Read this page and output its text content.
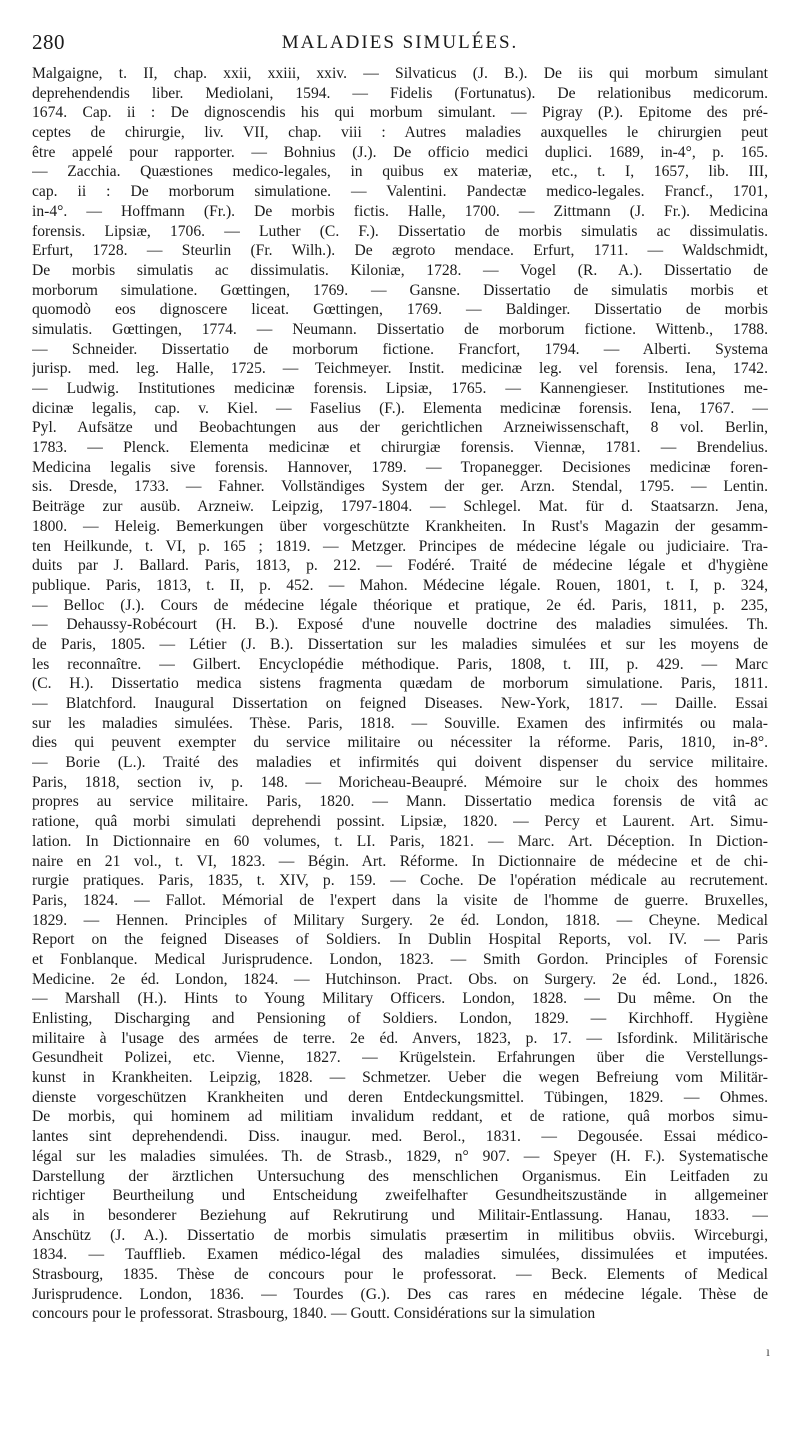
280	MALADIES SIMULÉES.
Malgaigne, t. II, chap. xxii, xxiii, xxiv. — Silvaticus (J. B.). De iis qui morbum simulant
deprehendendis liber. Mediolani, 1594. — Fidelis (Fortunatus). De relationibus medicorum.
1674. Cap. ii : De dignoscendis his qui morbum simulant. — Pigray (P.). Epitome des pré-
ceptes de chirurgie, liv. VII, chap. viii : Autres maladies auxquelles le chirurgien peut
être appelé pour rapporter. — Bohnius (J.). De officio medici duplici. 1689, in-4°, p. 165.
— Zacchia. Quæstiones medico-legales, in quibus ex materiæ, etc., t. I, 1657, lib. III,
cap. ii : De morborum simulatione. — Valentini. Pandectæ medico-legales. Francf., 1701,
in-4°. — Hoffmann (Fr.). De morbis fictis. Halle, 1700. — Zittmann (J. Fr.). Medicina
forensis. Lipsiæ, 1706. — Luther (C. F.). Dissertatio de morbis simulatis ac dissimulatis.
Erfurt, 1728. — Steurlin (Fr. Wilh.). De ægroto mendace. Erfurt, 1711. — Waldschmidt,
De morbis simulatis ac dissimulatis. Kiloniæ, 1728. — Vogel (R. A.). Dissertatio de
morborum simulatione. Gœttingen, 1769. — Gansne. Dissertatio de simulatis morbis et
quomodò eos dignoscere liceat. Gœttingen, 1769. — Baldinger. Dissertatio de morbis
simulatis. Gœttingen, 1774. — Neumann. Dissertatio de morborum fictione. Wittenb., 1788.
— Schneider. Dissertatio de morborum fictione. Francfort, 1794. — Alberti. Systema
jurisp. med. leg. Halle, 1725. — Teichmeyer. Instit. medicinæ leg. vel forensis. Iena, 1742.
— Ludwig. Institutiones medicinæ forensis. Lipsiæ, 1765. — Kannengieser. Institutiones me-
dicinæ legalis, cap. v. Kiel. — Faselius (F.). Elementa medicinæ forensis. Iena, 1767. —
Pyl. Aufsätze und Beobachtungen aus der gerichtlichen Arzneiwissenschaft, 8 vol. Berlin,
1783. — Plenck. Elementa medicinæ et chirurgiæ forensis. Viennæ, 1781. — Brendelius.
Medicina legalis sive forensis. Hannover, 1789. — Tropanegger. Decisiones medicinæ foren-
sis. Dresde, 1733. — Fahner. Vollständiges System der ger. Arzn. Stendal, 1795. — Lentin.
Beiträge zur ausüb. Arzneiw. Leipzig, 1797-1804. — Schlegel. Mat. für d. Staatsarzn. Jena,
1800. — Heleig. Bemerkungen über vorgeschützte Krankheiten. In Rust's Magazin der gesamm-
ten Heilkunde, t. VI, p. 165 ; 1819. — Metzger. Principes de médecine légale ou judiciaire. Tra-
duits par J. Ballard. Paris, 1813, p. 212. — Fodéré. Traité de médecine légale et d'hygiène
publique. Paris, 1813, t. II, p. 452. — Mahon. Médecine légale. Rouen, 1801, t. I, p. 324,
— Belloc (J.). Cours de médecine légale théorique et pratique, 2e éd. Paris, 1811, p. 235,
— Dehaussy-Robécourt (H. B.). Exposé d'une nouvelle doctrine des maladies simulées. Th.
de Paris, 1805. — Létier (J. B.). Dissertation sur les maladies simulées et sur les moyens de
les reconnaître. — Gilbert. Encyclopédie méthodique. Paris, 1808, t. III, p. 429. — Marc
(C. H.). Dissertatio medica sistens fragmenta quædam de morborum simulatione. Paris, 1811.
— Blatchford. Inaugural Dissertation on feigned Diseases. New-York, 1817. — Daille. Essai
sur les maladies simulées. Thèse. Paris, 1818. — Souville. Examen des infirmités ou mala-
dies qui peuvent exempter du service militaire ou nécessiter la réforme. Paris, 1810, in-8°.
— Borie (L.). Traité des maladies et infirmités qui doivent dispenser du service militaire.
Paris, 1818, section iv, p. 148. — Moricheau-Beaupré. Mémoire sur le choix des hommes
propres au service militaire. Paris, 1820. — Mann. Dissertatio medica forensis de vitâ ac
ratione, quâ morbi simulati deprehendi possint. Lipsiæ, 1820. — Percy et Laurent. Art. Simu-
lation. In Dictionnaire en 60 volumes, t. LI. Paris, 1821. — Marc. Art. Déception. In Diction-
naire en 21 vol., t. VI, 1823. — Bégin. Art. Réforme. In Dictionnaire de médecine et de chi-
rurgie pratiques. Paris, 1835, t. XIV, p. 159. — Coche. De l'opération médicale au recrutement.
Paris, 1824. — Fallot. Mémorial de l'expert dans la visite de l'homme de guerre. Bruxelles,
1829. — Hennen. Principles of Military Surgery. 2e éd. London, 1818. — Cheyne. Medical
Report on the feigned Diseases of Soldiers. In Dublin Hospital Reports, vol. IV. — Paris
et Fonblanque. Medical Jurisprudence. London, 1823. — Smith Gordon. Principles of Forensic
Medicine. 2e éd. London, 1824. — Hutchinson. Pract. Obs. on Surgery. 2e éd. Lond., 1826.
— Marshall (H.). Hints to Young Military Officers. London, 1828. — Du même. On the
Enlisting, Discharging and Pensioning of Soldiers. London, 1829. — Kirchhoff. Hygiène
militaire à l'usage des armées de terre. 2e éd. Anvers, 1823, p. 17. — Isfordink. Militärische
Gesundheit Polizei, etc. Vienne, 1827. — Krügelstein. Erfahrungen über die Verstellungs-
kunst in Krankheiten. Leipzig, 1828. — Schmetzer. Ueber die wegen Befreiung vom Militär-
dienste vorgeschützen Krankheiten und deren Entdeckungsmittel. Tübingen, 1829. — Ohmes.
De morbis, qui hominem ad militiam invalidum reddant, et de ratione, quâ morbos simu-
lantes sint deprehendendi. Diss. inaugur. med. Berol., 1831. — Degousée. Essai médico-
légal sur les maladies simulées. Th. de Strasb., 1829, n° 907. — Speyer (H. F.). Systematische
Darstellung der ärztlichen Untersuchung des menschlichen Organismus. Ein Leitfaden zu
richtiger Beurtheilung und Entscheidung zweifelhafter Gesundheitszustände in allgemeiner
als in besonderer Beziehung auf Rekrutirung und Militair-Entlassung. Hanau, 1833. —
Anschütz (J. A.). Dissertatio de morbis simulatis præsertim in militibus obviis. Wirceburgi,
1834. — Taufflieb. Examen médico-légal des maladies simulées, dissimulées et imputées.
Strasbourg, 1835. Thèse de concours pour le professorat. — Beck. Elements of Medical
Jurisprudence. London, 1836. — Tourdes (G.). Des cas rares en médecine légale. Thèse de
concours pour le professorat. Strasbourg, 1840. — Goutt. Considérations sur la simulation
ı
